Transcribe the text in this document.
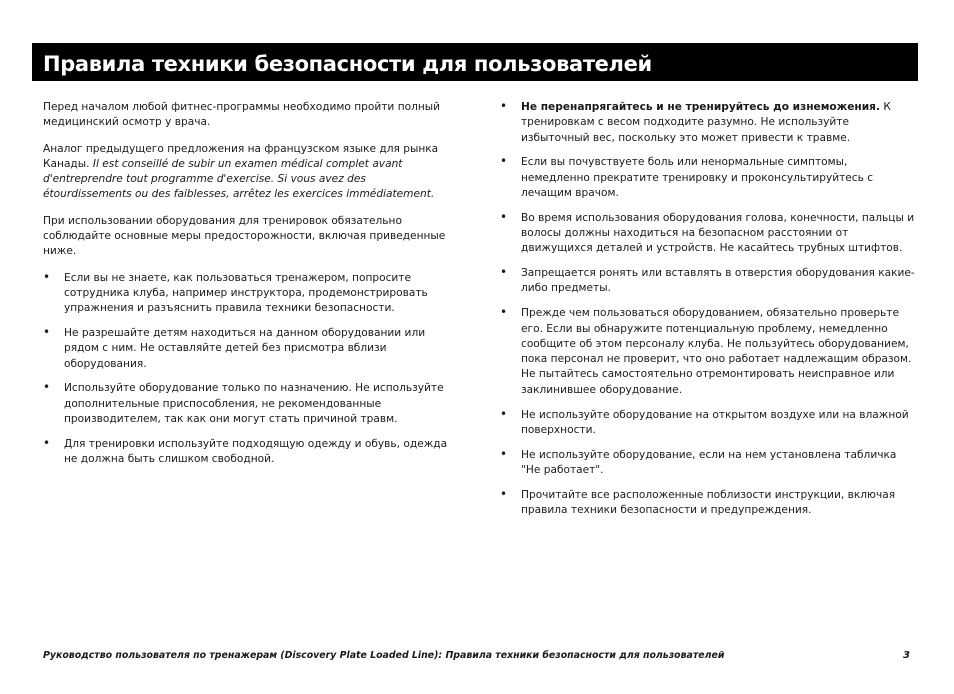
Правила техники безопасности для пользователей

Перед началом любой фитнес-программы необходимо пройти полный медицинский осмотр у врача.

Аналог предыдущего предложения на французском языке для рынка Канады. Il est conseillé de subir un examen médical complet avant d'entreprendre tout programme d'exercise. Si vous avez des étourdissements ou des faiblesses, arrêtez les exercices immédiatement.

При использовании оборудования для тренировок обязательно соблюдайте основные меры предосторожности, включая приведенные ниже.

• Если вы не знаете, как пользоваться тренажером, попросите сотрудника клуба, например инструктора, продемонстрировать упражнения и разъяснить правила техники безопасности.
• Не разрешайте детям находиться на данном оборудовании или рядом с ним. Не оставляйте детей без присмотра вблизи оборудования.
• Используйте оборудование только по назначению. Не используйте дополнительные приспособления, не рекомендованные производителем, так как они могут стать причиной травм.
• Для тренировки используйте подходящую одежду и обувь, одежда не должна быть слишком свободной.
• Не перенапрягайтесь и не тренируйтесь до изнеможения. К тренировкам с весом подходите разумно. Не используйте избыточный вес, поскольку это может привести к травме.
• Если вы почувствуете боль или ненормальные симптомы, немедленно прекратите тренировку и проконсультируйтесь с лечащим врачом.
• Во время использования оборудования голова, конечности, пальцы и волосы должны находиться на безопасном расстоянии от движущихся деталей и устройств. Не касайтесь трубных штифтов.
• Запрещается ронять или вставлять в отверстия оборудования какие-либо предметы.
• Прежде чем пользоваться оборудованием, обязательно проверьте его. Если вы обнаружите потенциальную проблему, немедленно сообщите об этом персоналу клуба. Не пользуйтесь оборудованием, пока персонал не проверит, что оно работает надлежащим образом. Не пытайтесь самостоятельно отремонтировать неисправное или заклинившее оборудование.
• Не используйте оборудование на открытом воздухе или на влажной поверхности.
• Не используйте оборудование, если на нем установлена табличка "Не работает".
• Прочитайте все расположенные поблизости инструкции, включая правила техники безопасности и предупреждения.
Руководство пользователя по тренажерам (Discovery Plate Loaded Line): Правила техники безопасности для пользователей	3
